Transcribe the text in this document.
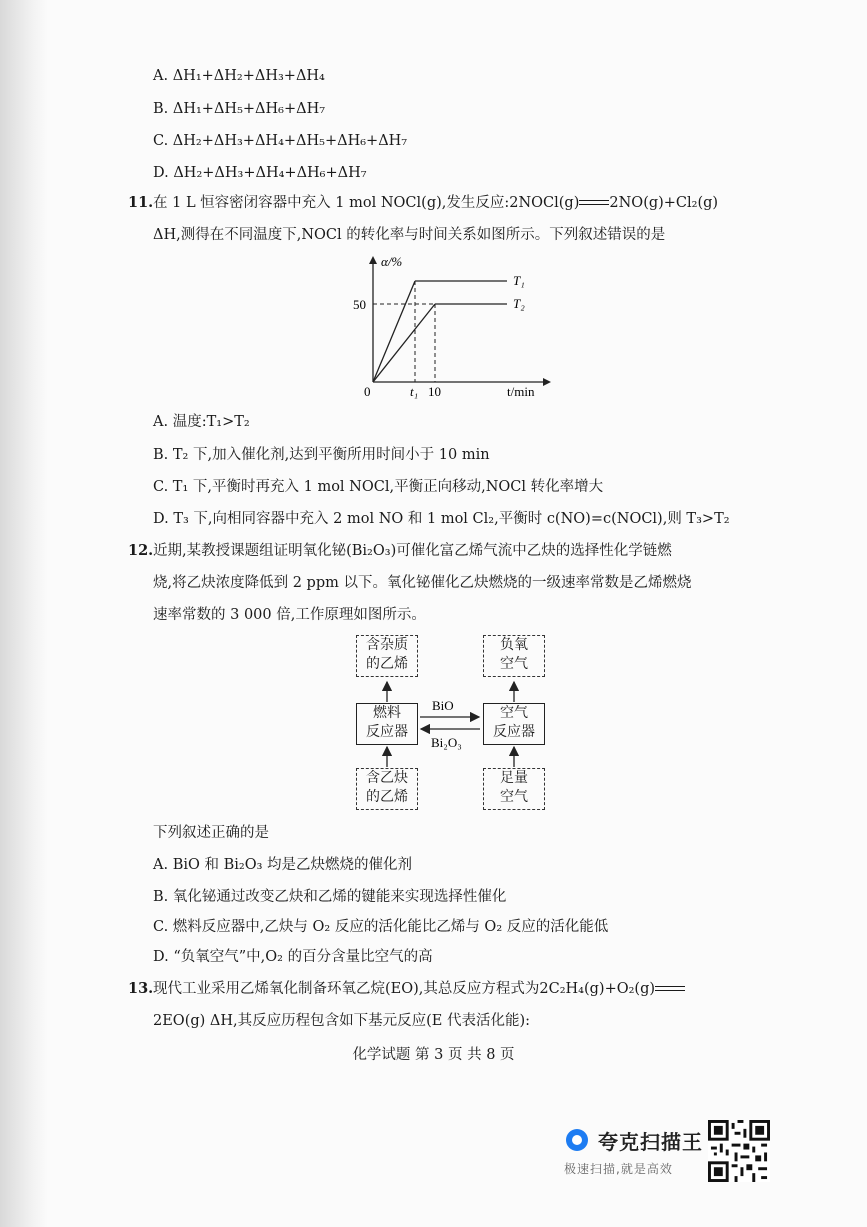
A. ΔH₁+ΔH₂+ΔH₃+ΔH₄
B. ΔH₁+ΔH₅+ΔH₆+ΔH₇
C. ΔH₂+ΔH₃+ΔH₄+ΔH₅+ΔH₆+ΔH₇
D. ΔH₂+ΔH₃+ΔH₄+ΔH₆+ΔH₇
11. 在 1 L 恒容密闭容器中充入 1 mol NOCl(g),发生反应:2NOCl(g) 2NO(g)+Cl₂(g)
ΔH,测得在不同温度下,NOCl 的转化率与时间关系如图所示。下列叙述错误的是
α/%
t/min
0
50
t₁ 10
T₁
T₂
A. 温度:T₁>T₂
B. T₂ 下,加入催化剂,达到平衡所用时间小于 10 min
C. T₁ 下,平衡时再充入 1 mol NOCl,平衡正向移动,NOCl 转化率增大
D. T₃ 下,向相同容器中充入 2 mol NO 和 1 mol Cl₂,平衡时 c(NO)=c(NOCl),则 T₃>T₂
12. 近期,某教授课题组证明氧化铋(Bi₂O₃)可催化富乙烯气流中乙炔的选择性化学链燃
烧,将乙炔浓度降低到 2 ppm 以下。氧化铋催化乙炔燃烧的一级速率常数是乙烯燃烧
速率常数的 3 000 倍,工作原理如图所示。
含杂质
的乙烯
负氧
空气
燃料
反应器
空气
反应器
含乙炔
的乙烯
足量
空气
BiO
Bi₂O₃
下列叙述正确的是
A. BiO 和 Bi₂O₃ 均是乙炔燃烧的催化剂
B. 氧化铋通过改变乙炔和乙烯的键能来实现选择性催化
C. 燃料反应器中,乙炔与 O₂ 反应的活化能比乙烯与 O₂ 反应的活化能低
D. “负氧空气”中,O₂ 的百分含量比空气的高
13. 现代工业采用乙烯氧化制备环氧乙烷(EO),其总反应方程式为2C₂H₄(g)+O₂(g)
2EO(g) ΔH,其反应历程包含如下基元反应(E 代表活化能):
化学试题 第 3 页 共 8 页
夸克扫描王
极速扫描,就是高效
